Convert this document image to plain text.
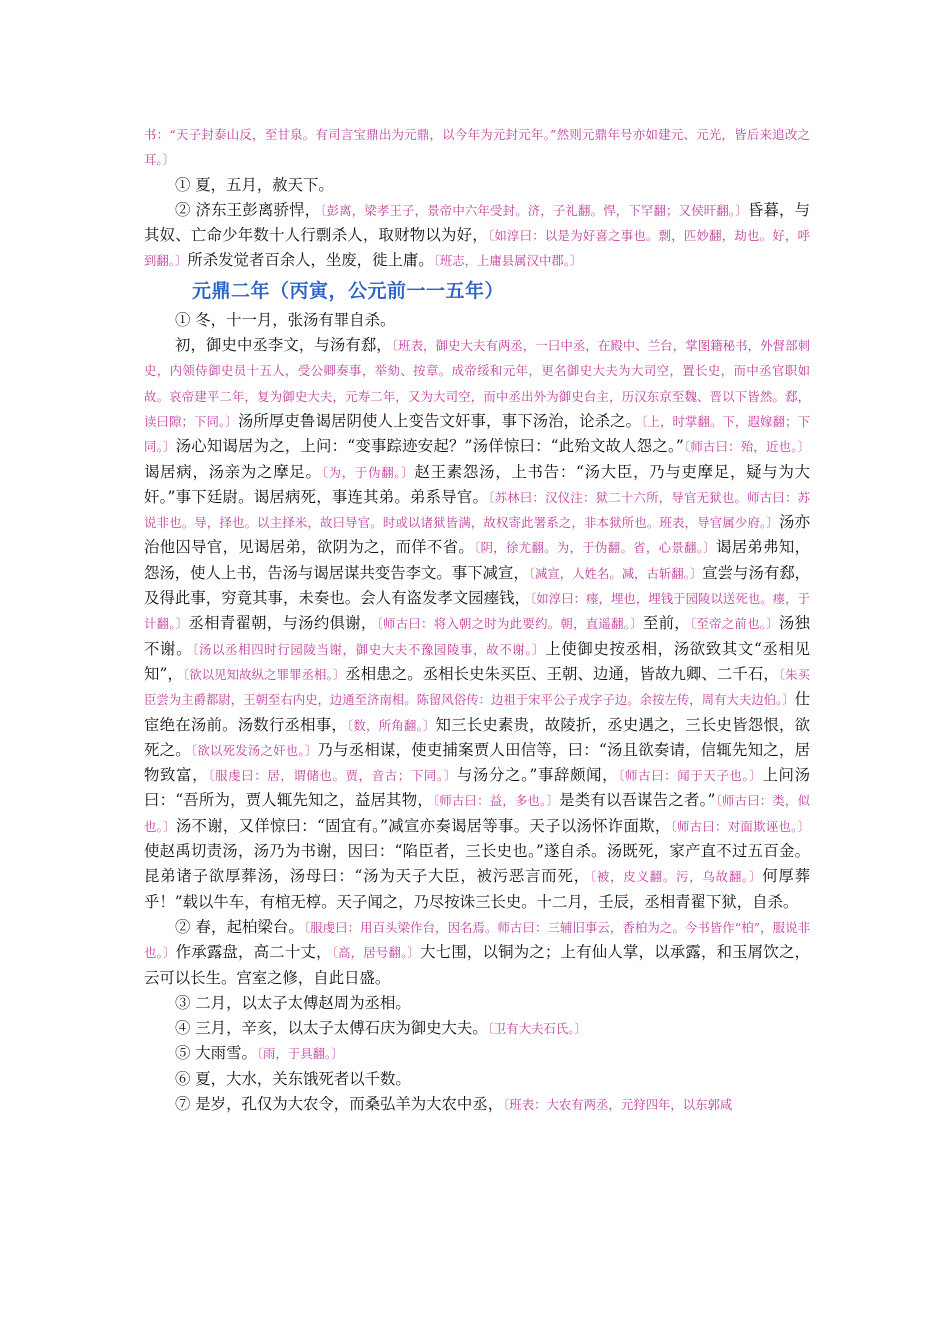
书：“天子封泰山反，至甘泉。有司言宝鼎出为元鼎，以今年为元封元年。”然则元鼎年号亦如建元、元光，皆后来追改之耳。〕

① 夏，五月，赦天下。

② 济东王彭离骄悍，〔彭离，梁孝王子，景帝中六年受封。济，子礼翻。悍，下罕翻；又侯旰翻。〕昏暮，与其奴、亡命少年数十人行剽杀人，取财物以为好，〔如淳曰：以是为好喜之事也。剽，匹妙翻，劫也。好，呼到翻。〕所杀发觉者百余人，坐废，徙上庸。〔班志，上庸县属汉中郡。〕

元鼎二年（丙寅，公元前一一五年）

① 冬，十一月，张汤有罪自杀。

初，御史中丞李文，与汤有郄，〔班表，御史大夫有两丞，一曰中丞，在殿中、兰台，掌图籍秘书，外督部刺史，内领侍御史员十五人，受公卿奏事，举劾、按章。成帝绥和元年，更名御史大夫为大司空，置长史，而中丞官职如故。哀帝建平二年，复为御史大夫，元寿二年，又为大司空，而中丞出外为御史台主，历汉东京至魏、晋以下皆然。郄，读曰隙；下同。〕汤所厚吏鲁谒居阴使人上变告文奸事，事下汤治，论杀之。〔上，时掌翻。下，遐嫁翻；下同。〕汤心知谒居为之，上问：“变事踪迹安起？”汤佯惊曰：“此殆文故人怨之。”〔师古曰：殆，近也。〕谒居病，汤亲为之摩足。〔为，于伪翻。〕赵王素怨汤，上书告：“汤大臣，乃与吏摩足，疑与为大奸。”事下廷尉。谒居病死，事连其弟。弟系导官。〔苏林曰：汉仪注：狱二十六所，导官无狱也。师古曰：苏说非也。导，择也。以主择米，故曰导官。时或以诸狱皆满，故权寄此署系之，非本狱所也。班表，导官属少府。〕汤亦治他囚导官，见谒居弟，欲阴为之，而佯不省。〔阴，徐尤翻。为，于伪翻。省，心景翻。〕谒居弟弗知，怨汤，使人上书，告汤与谒居谋共变告李文。事下减宣，〔减宣，人姓名。减，古斩翻。〕宣尝与汤有郄，及得此事，穷竟其事，未奏也。会人有盗发孝文园瘗钱，〔如淳曰：瘗，埋也，埋钱于园陵以送死也。瘗，于计翻。〕丞相青翟朝，与汤约俱谢，〔师古曰：将入朝之时为此要约。朝，直遥翻。〕至前，〔至帝之前也。〕汤独不谢。〔汤以丞相四时行园陵当谢，御史大夫不豫园陵事，故不谢。〕上使御史按丞相，汤欲致其文“丞相见知”，〔欲以见知故纵之罪罪丞相。〕丞相患之。丞相长史朱买臣、王朝、边通，皆故九卿、二千石，〔朱买臣尝为主爵都尉，王朝至右内史，边通至济南相。陈留风俗传：边祖于宋平公子戎字子边。余按左传，周有大夫边伯。〕仕宦绝在汤前。汤数行丞相事，〔数，所角翻。〕知三长史素贵，故陵折，丞史遇之，三长史皆怨恨，欲死之。〔欲以死发汤之奸也。〕乃与丞相谋，使吏捕案贾人田信等，曰：“汤且欲奏请，信辄先知之，居物致富，〔服虔曰：居，谓储也。贾，音古；下同。〕与汤分之。”事辞颇闻，〔师古曰：闻于天子也。〕上问汤曰：“吾所为，贾人辄先知之，益居其物，〔师古曰：益，多也。〕是类有以吾谋告之者。”〔师古曰：类，似也。〕汤不谢，又佯惊曰：“固宜有。”减宣亦奏谒居等事。天子以汤怀诈面欺，〔师古曰：对面欺诬也。〕使赵禹切责汤，汤乃为书谢，因曰：“陷臣者，三长史也。”遂自杀。汤既死，家产直不过五百金。昆弟诸子欲厚葬汤，汤母曰：“汤为天子大臣，被污恶言而死，〔被，皮义翻。污，乌故翻。〕何厚葬乎！”载以牛车，有棺无椁。天子闻之，乃尽按诛三长史。十二月，壬辰，丞相青翟下狱，自杀。

② 春，起柏梁台。〔服虔曰：用百头梁作台，因名焉。师古曰：三辅旧事云，香柏为之。今书皆作“柏”，服说非也。〕作承露盘，高二十丈，〔高，居号翻。〕大七围，以铜为之；上有仙人掌，以承露，和玉屑饮之，云可以长生。宫室之修，自此日盛。

③ 二月，以太子太傅赵周为丞相。

④ 三月，辛亥，以太子太傅石庆为御史大夫。〔卫有大夫石氏。〕

⑤ 大雨雪。〔雨，于具翻。〕

⑥ 夏，大水，关东饿死者以千数。

⑦ 是岁，孔仅为大农令，而桑弘羊为大农中丞，〔班表：大农有两丞，元狩四年，以东郭咸
